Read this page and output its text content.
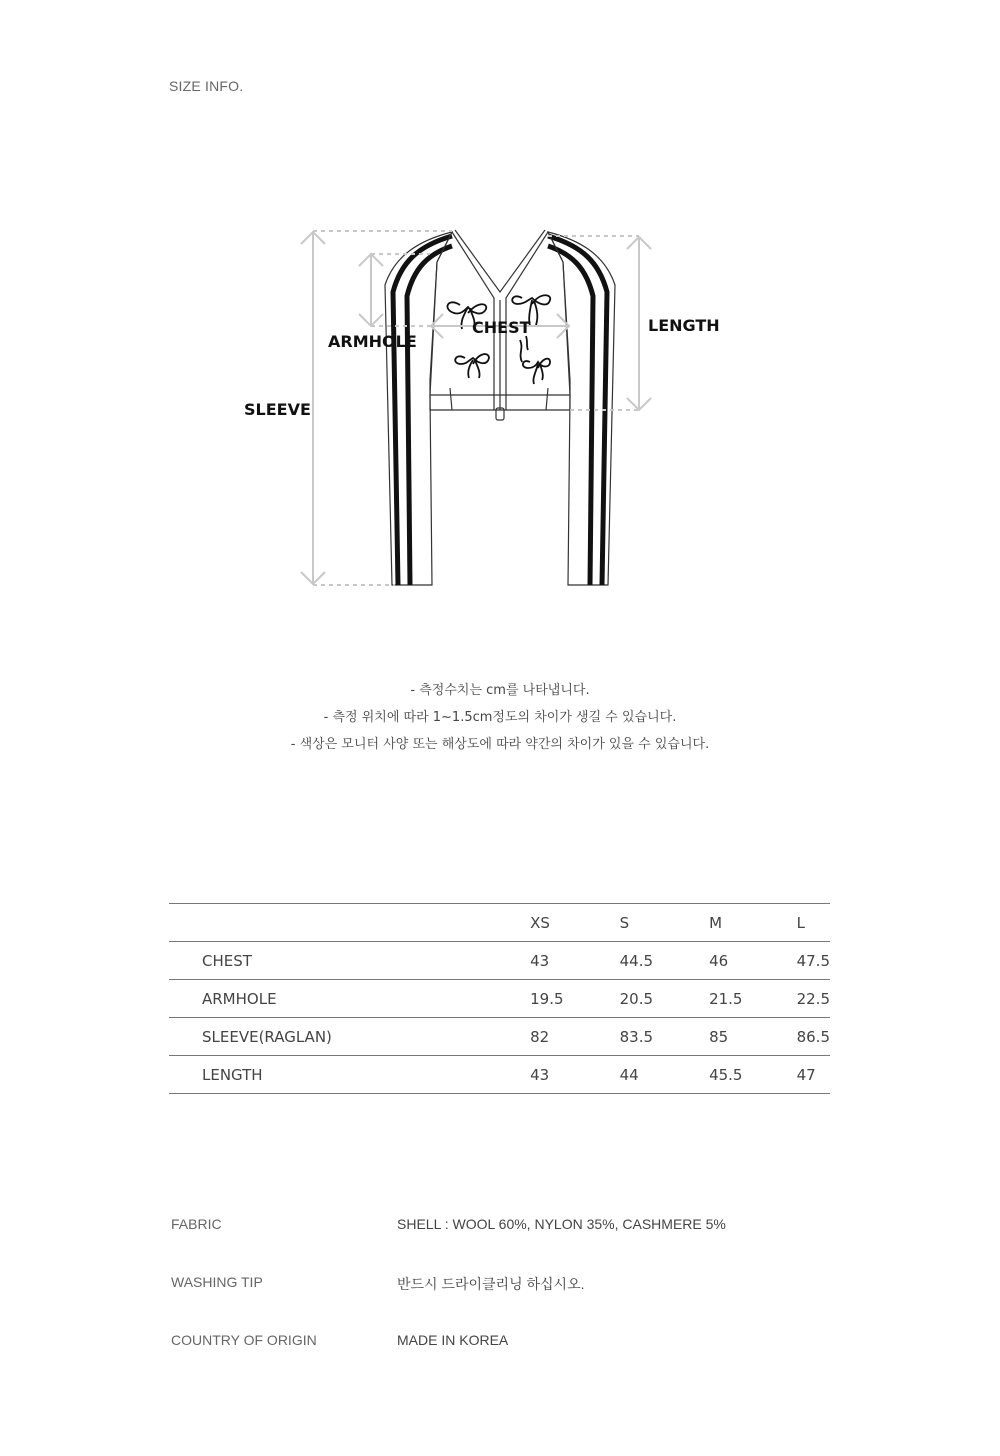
SIZE INFO.
CHEST
ARMHOLE
SLEEVE
LENGTH
- 측정수치는 cm를 나타냅니다.
- 측정 위치에 따라 1~1.5cm정도의 차이가 생길 수 있습니다.
- 색상은 모니터 사양 또는 해상도에 따라 약간의 차이가 있을 수 있습니다.
	XS	S	M	L
CHEST	43	44.5	46	47.5
ARMHOLE	19.5	20.5	21.5	22.5
SLEEVE(RAGLAN)	82	83.5	85	86.5
LENGTH	43	44	45.5	47
FABRIC	SHELL : WOOL 60%, NYLON 35%, CASHMERE 5%
WASHING TIP	반드시 드라이클리닝 하십시오.
COUNTRY OF ORIGIN	MADE IN KOREA
